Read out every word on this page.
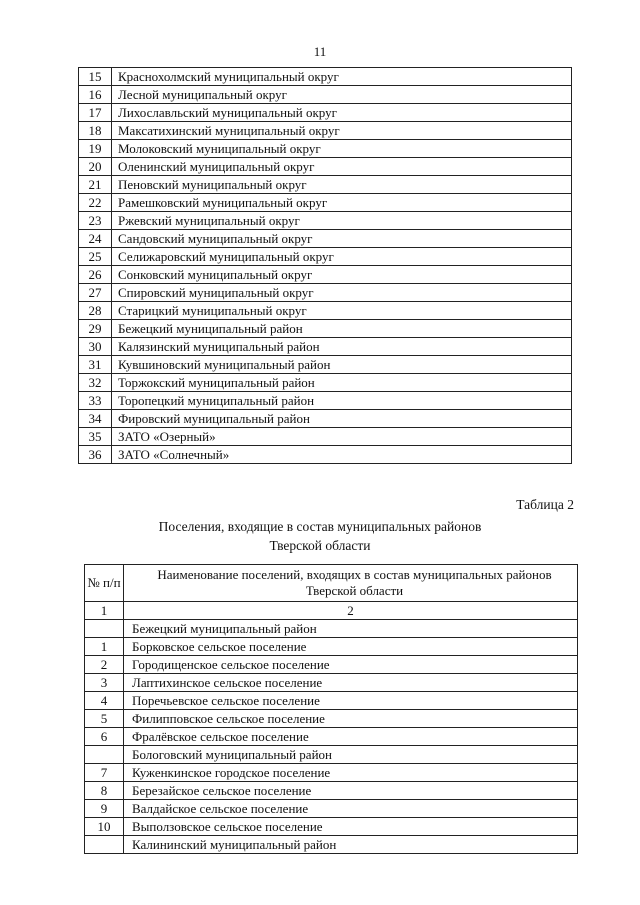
11
15	Краснохолмский муниципальный округ
16	Лесной муниципальный округ
17	Лихославльский муниципальный округ
18	Максатихинский муниципальный округ
19	Молоковский муниципальный округ
20	Оленинский муниципальный округ
21	Пеновский муниципальный округ
22	Рамешковский муниципальный округ
23	Ржевский муниципальный округ
24	Сандовский муниципальный округ
25	Селижаровский муниципальный округ
26	Сонковский муниципальный округ
27	Спировский муниципальный округ
28	Старицкий муниципальный округ
29	Бежецкий муниципальный район
30	Калязинский муниципальный район
31	Кувшиновский муниципальный район
32	Торжокский муниципальный район
33	Торопецкий муниципальный район
34	Фировский муниципальный район
35	ЗАТО «Озерный»
36	ЗАТО «Солнечный»
Таблица 2
Поселения, входящие в состав муниципальных районов
Тверской области
№ п/п	Наименование поселений, входящих в состав муниципальных районов Тверской области
1	2
	Бежецкий муниципальный район
1	Борковское сельское поселение
2	Городищенское сельское поселение
3	Лаптихинское сельское поселение
4	Поречьевское сельское поселение
5	Филипповское сельское поселение
6	Фралёвское сельское поселение
	Бологовский муниципальный район
7	Куженкинское городское поселение
8	Березайское сельское поселение
9	Валдайское сельское поселение
10	Выползовское сельское поселение
	Калининский муниципальный район
